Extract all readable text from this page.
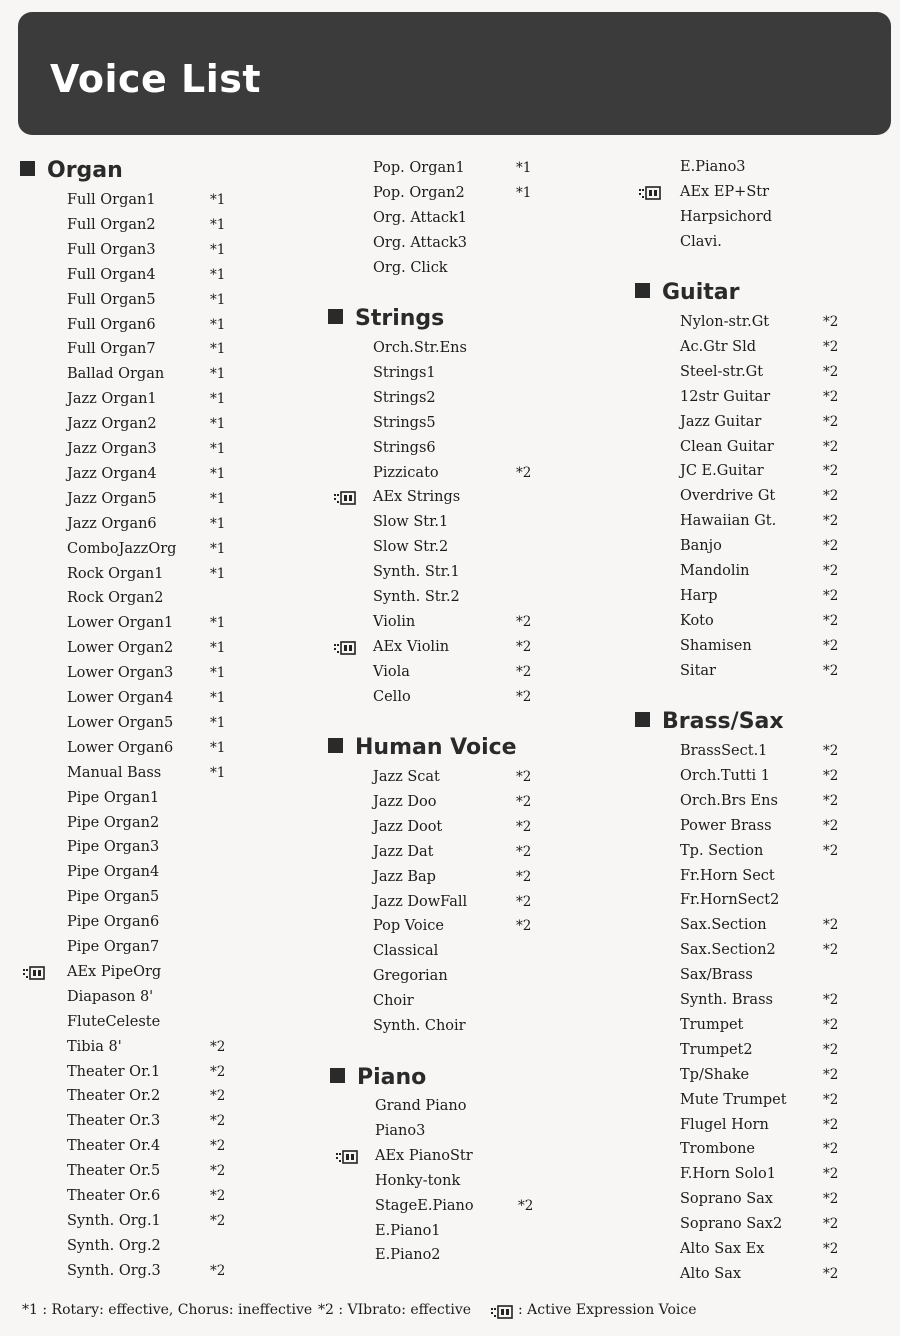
Voice List
Organ
Full Organ1	*1
Full Organ2	*1
Full Organ3	*1
Full Organ4	*1
Full Organ5	*1
Full Organ6	*1
Full Organ7	*1
Ballad Organ	*1
Jazz Organ1	*1
Jazz Organ2	*1
Jazz Organ3	*1
Jazz Organ4	*1
Jazz Organ5	*1
Jazz Organ6	*1
ComboJazzOrg *1
Rock Organ1	*1
Rock Organ2
Lower Organ1	*1
Lower Organ2	*1
Lower Organ3	*1
Lower Organ4	*1
Lower Organ5	*1
Lower Organ6	*1
Manual Bass	*1
Pipe Organ1
Pipe Organ2
Pipe Organ3
Pipe Organ4
Pipe Organ5
Pipe Organ6
Pipe Organ7
AEx PipeOrg
Diapason 8'
FluteCeleste
Tibia 8'	*2
Theater Or.1	*2
Theater Or.2	*2
Theater Or.3	*2
Theater Or.4	*2
Theater Or.5	*2
Theater Or.6	*2
Synth. Org.1	*2
Synth. Org.2
Synth. Org.3	*2
Pop. Organ1	*1
Pop. Organ2	*1
Org. Attack1
Org. Attack3
Org. Click
Strings
Orch.Str.Ens
Strings1
Strings2
Strings5
Strings6
Pizzicato	*2
AEx Strings
Slow Str.1
Slow Str.2
Synth. Str.1
Synth. Str.2
Violin	*2
AEx Violin	*2
Viola	*2
Cello	*2
Human Voice
Jazz Scat	*2
Jazz Doo	*2
Jazz Doot	*2
Jazz Dat	*2
Jazz Bap	*2
Jazz DowFall	*2
Pop Voice	*2
Classical
Gregorian
Choir
Synth. Choir
Piano
Grand Piano
Piano3
AEx PianoStr
Honky-tonk
StageE.Piano	*2
E.Piano1
E.Piano2
E.Piano3
AEx EP+Str
Harpsichord
Clavi.
Guitar
Nylon-str.Gt	*2
Ac.Gtr Sld	*2
Steel-str.Gt	*2
12str Guitar	*2
Jazz Guitar	*2
Clean Guitar	*2
JC E.Guitar	*2
Overdrive Gt	*2
Hawaiian Gt.	*2
Banjo	*2
Mandolin	*2
Harp	*2
Koto	*2
Shamisen	*2
Sitar	*2
Brass/Sax
BrassSect.1	*2
Orch.Tutti 1	*2
Orch.Brs Ens	*2
Power Brass	*2
Tp. Section	*2
Fr.Horn Sect
Fr.HornSect2
Sax.Section	*2
Sax.Section2	*2
Sax/Brass
Synth. Brass	*2
Trumpet	*2
Trumpet2	*2
Tp/Shake	*2
Mute Trumpet	*2
Flugel Horn	*2
Trombone	*2
F.Horn Solo1	*2
Soprano Sax	*2
Soprano Sax2	*2
Alto Sax Ex	*2
Alto Sax	*2
*1 : Rotary: effective, Chorus: ineffective *2 : VIbrato: effective	: Active Expression Voice
